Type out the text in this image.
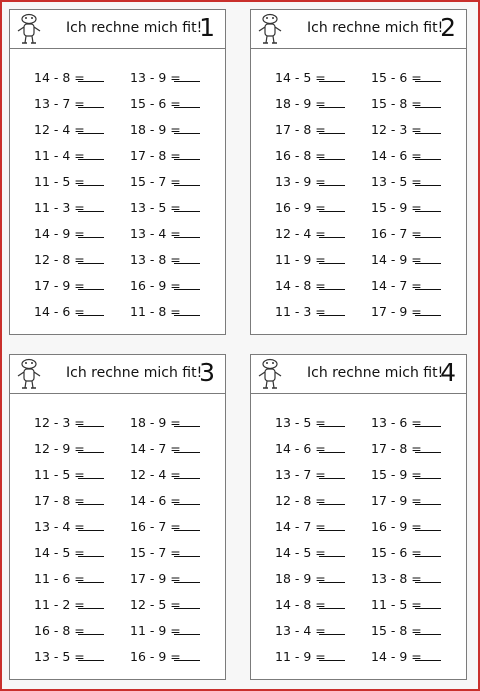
Ich rechne mich fit!
1
14 - 8 =
13 - 7 =
12 - 4 =
11 - 4 =
11 - 5 =
11 - 3 =
14 - 9 =
12 - 8 =
17 - 9 =
14 - 6 =
13 - 9 =
15 - 6 =
18 - 9 =
17 - 8 =
15 - 7 =
13 - 5 =
13 - 4 =
13 - 8 =
16 - 9 =
11 - 8 =
Ich rechne mich fit!
2
14 - 5 =
18 - 9 =
17 - 8 =
16 - 8 =
13 - 9 =
16 - 9 =
12 - 4 =
11 - 9 =
14 - 8 =
11 - 3 =
15 - 6 =
15 - 8 =
12 - 3 =
14 - 6 =
13 - 5 =
15 - 9 =
16 - 7 =
14 - 9 =
14 - 7 =
17 - 9 =
Ich rechne mich fit!
3
12 - 3 =
12 - 9 =
11 - 5 =
17 - 8 =
13 - 4 =
14 - 5 =
11 - 6 =
11 - 2 =
16 - 8 =
13 - 5 =
18 - 9 =
14 - 7 =
12 - 4 =
14 - 6 =
16 - 7 =
15 - 7 =
17 - 9 =
12 - 5 =
11 - 9 =
16 - 9 =
Ich rechne mich fit!
4
13 - 5 =
14 - 6 =
13 - 7 =
12 - 8 =
14 - 7 =
14 - 5 =
18 - 9 =
14 - 8 =
13 - 4 =
11 - 9 =
13 - 6 =
17 - 8 =
15 - 9 =
17 - 9 =
16 - 9 =
15 - 6 =
13 - 8 =
11 - 5 =
15 - 8 =
14 - 9 =
